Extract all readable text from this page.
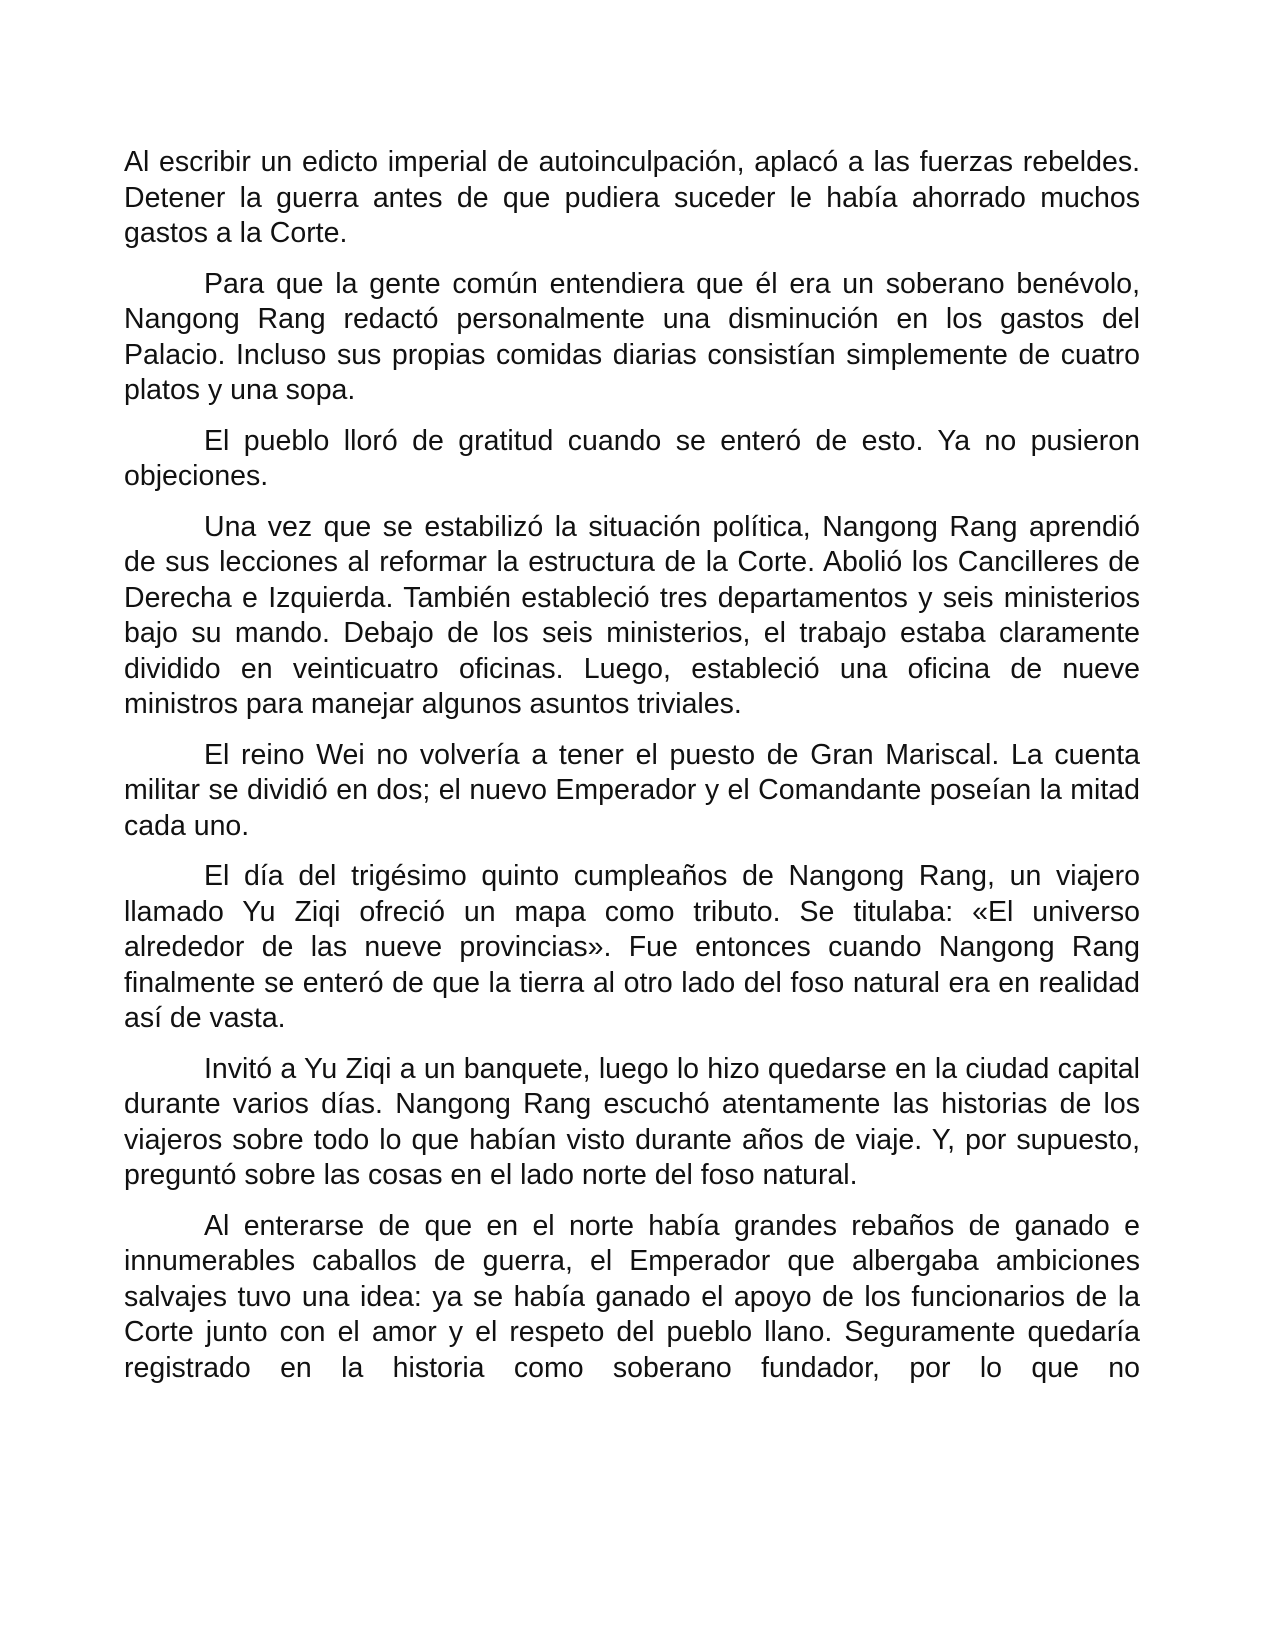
Al escribir un edicto imperial de autoinculpación, aplacó a las fuerzas rebeldes. Detener la guerra antes de que pudiera suceder le había ahorrado muchos gastos a la Corte.

Para que la gente común entendiera que él era un soberano benévolo, Nangong Rang redactó personalmente una disminución en los gastos del Palacio. Incluso sus propias comidas diarias consistían simplemente de cuatro platos y una sopa.

El pueblo lloró de gratitud cuando se enteró de esto. Ya no pusieron objeciones.

Una vez que se estabilizó la situación política, Nangong Rang aprendió de sus lecciones al reformar la estructura de la Corte. Abolió los Cancilleres de Derecha e Izquierda. También estableció tres departamentos y seis ministerios bajo su mando. Debajo de los seis ministerios, el trabajo estaba claramente dividido en veinticuatro oficinas. Luego, estableció una oficina de nueve ministros para manejar algunos asuntos triviales.

El reino Wei no volvería a tener el puesto de Gran Mariscal. La cuenta militar se dividió en dos; el nuevo Emperador y el Comandante poseían la mitad cada uno.

El día del trigésimo quinto cumpleaños de Nangong Rang, un viajero llamado Yu Ziqi ofreció un mapa como tributo. Se titulaba: «El universo alrededor de las nueve provincias». Fue entonces cuando Nangong Rang finalmente se enteró de que la tierra al otro lado del foso natural era en realidad así de vasta.

Invitó a Yu Ziqi a un banquete, luego lo hizo quedarse en la ciudad capital durante varios días. Nangong Rang escuchó atentamente las historias de los viajeros sobre todo lo que habían visto durante años de viaje. Y, por supuesto, preguntó sobre las cosas en el lado norte del foso natural.

Al enterarse de que en el norte había grandes rebaños de ganado e innumerables caballos de guerra, el Emperador que albergaba ambiciones salvajes tuvo una idea: ya se había ganado el apoyo de los funcionarios de la Corte junto con el amor y el respeto del pueblo llano. Seguramente quedaría registrado en la historia como soberano fundador, por lo que no
